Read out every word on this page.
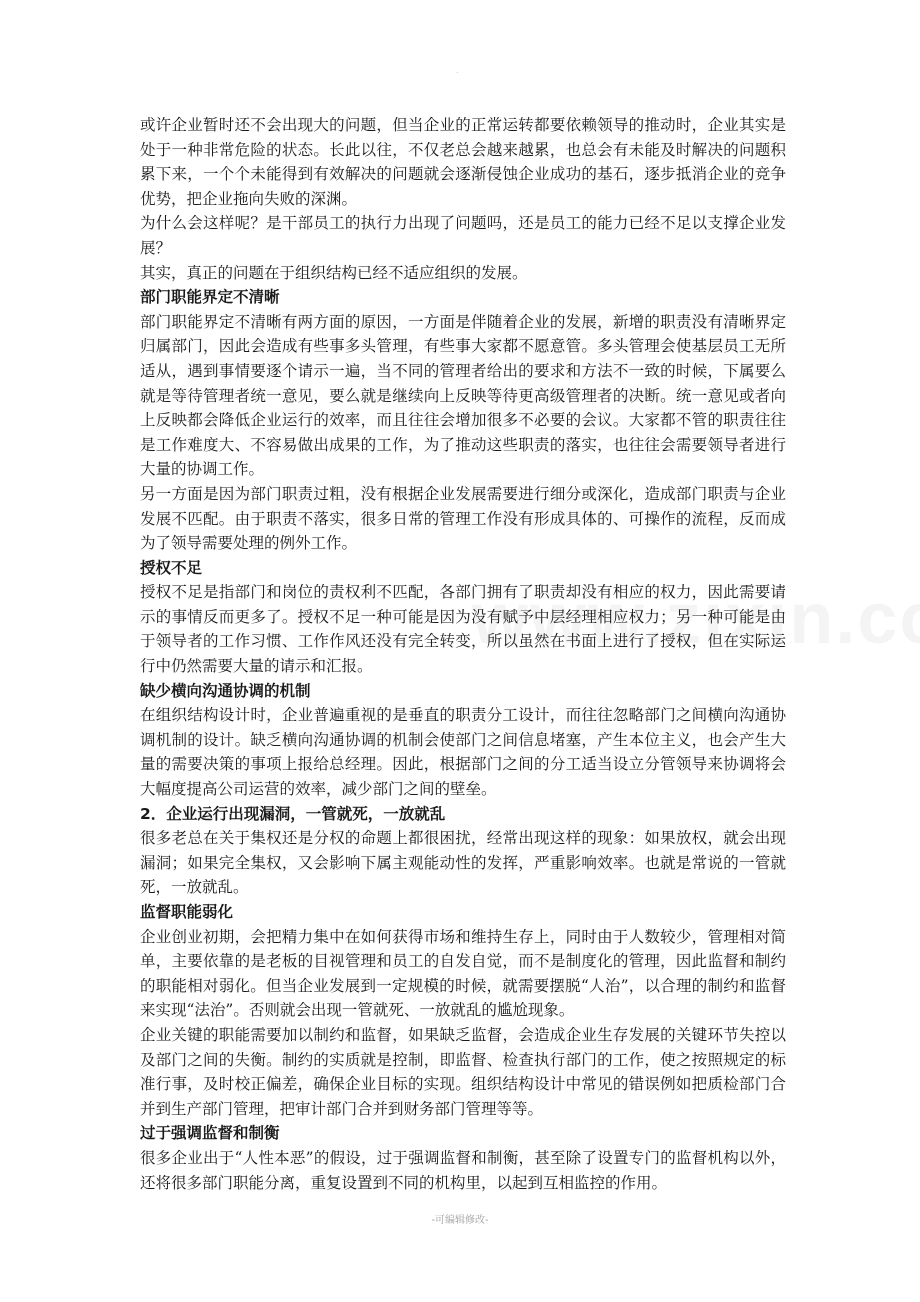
.

或许企业暂时还不会出现大的问题，但当企业的正常运转都要依赖领导的推动时，企业其实是处于一种非常危险的状态。长此以往，不仅老总会越来越累，也总会有未能及时解决的问题积累下来，一个个未能得到有效解决的问题就会逐渐侵蚀企业成功的基石，逐步抵消企业的竞争优势，把企业拖向失败的深渊。

为什么会这样呢？是干部员工的执行力出现了问题吗，还是员工的能力已经不足以支撑企业发展？

其实，真正的问题在于组织结构已经不适应组织的发展。

部门职能界定不清晰

部门职能界定不清晰有两方面的原因，一方面是伴随着企业的发展，新增的职责没有清晰界定归属部门，因此会造成有些事多头管理，有些事大家都不愿意管。多头管理会使基层员工无所适从，遇到事情要逐个请示一遍，当不同的管理者给出的要求和方法不一致的时候，下属要么就是等待管理者统一意见，要么就是继续向上反映等待更高级管理者的决断。统一意见或者向上反映都会降低企业运行的效率，而且往往会增加很多不必要的会议。大家都不管的职责往往是工作难度大、不容易做出成果的工作，为了推动这些职责的落实，也往往会需要领导者进行大量的协调工作。

另一方面是因为部门职责过粗，没有根据企业发展需要进行细分或深化，造成部门职责与企业发展不匹配。由于职责不落实，很多日常的管理工作没有形成具体的、可操作的流程，反而成为了领导需要处理的例外工作。

授权不足

授权不足是指部门和岗位的责权利不匹配，各部门拥有了职责却没有相应的权力，因此需要请示的事情反而更多了。授权不足一种可能是因为没有赋予中层经理相应权力；另一种可能是由于领导者的工作习惯、工作作风还没有完全转变，所以虽然在书面上进行了授权，但在实际运行中仍然需要大量的请示和汇报。

缺少横向沟通协调的机制

在组织结构设计时，企业普遍重视的是垂直的职责分工设计，而往往忽略部门之间横向沟通协调机制的设计。缺乏横向沟通协调的机制会使部门之间信息堵塞，产生本位主义，也会产生大量的需要决策的事项上报给总经理。因此，根据部门之间的分工适当设立分管领导来协调将会大幅度提高公司运营的效率，减少部门之间的壁垒。

2．企业运行出现漏洞，一管就死，一放就乱

很多老总在关于集权还是分权的命题上都很困扰，经常出现这样的现象：如果放权，就会出现漏洞；如果完全集权，又会影响下属主观能动性的发挥，严重影响效率。也就是常说的一管就死，一放就乱。

监督职能弱化

企业创业初期，会把精力集中在如何获得市场和维持生存上，同时由于人数较少，管理相对简单，主要依靠的是老板的目视管理和员工的自发自觉，而不是制度化的管理，因此监督和制约的职能相对弱化。但当企业发展到一定规模的时候，就需要摆脱“人治”，以合理的制约和监督来实现“法治”。否则就会出现一管就死、一放就乱的尴尬现象。

企业关键的职能需要加以制约和监督，如果缺乏监督，会造成企业生存发展的关键环节失控以及部门之间的失衡。制约的实质就是控制，即监督、检查执行部门的工作，使之按照规定的标准行事，及时校正偏差，确保企业目标的实现。组织结构设计中常见的错误例如把质检部门合并到生产部门管理，把审计部门合并到财务部门管理等等。

过于强调监督和制衡

很多企业出于“人性本恶”的假设，过于强调监督和制衡，甚至除了设置专门的监督机构以外，还将很多部门职能分离，重复设置到不同的机构里，以起到互相监控的作用。

-可编辑修改-
